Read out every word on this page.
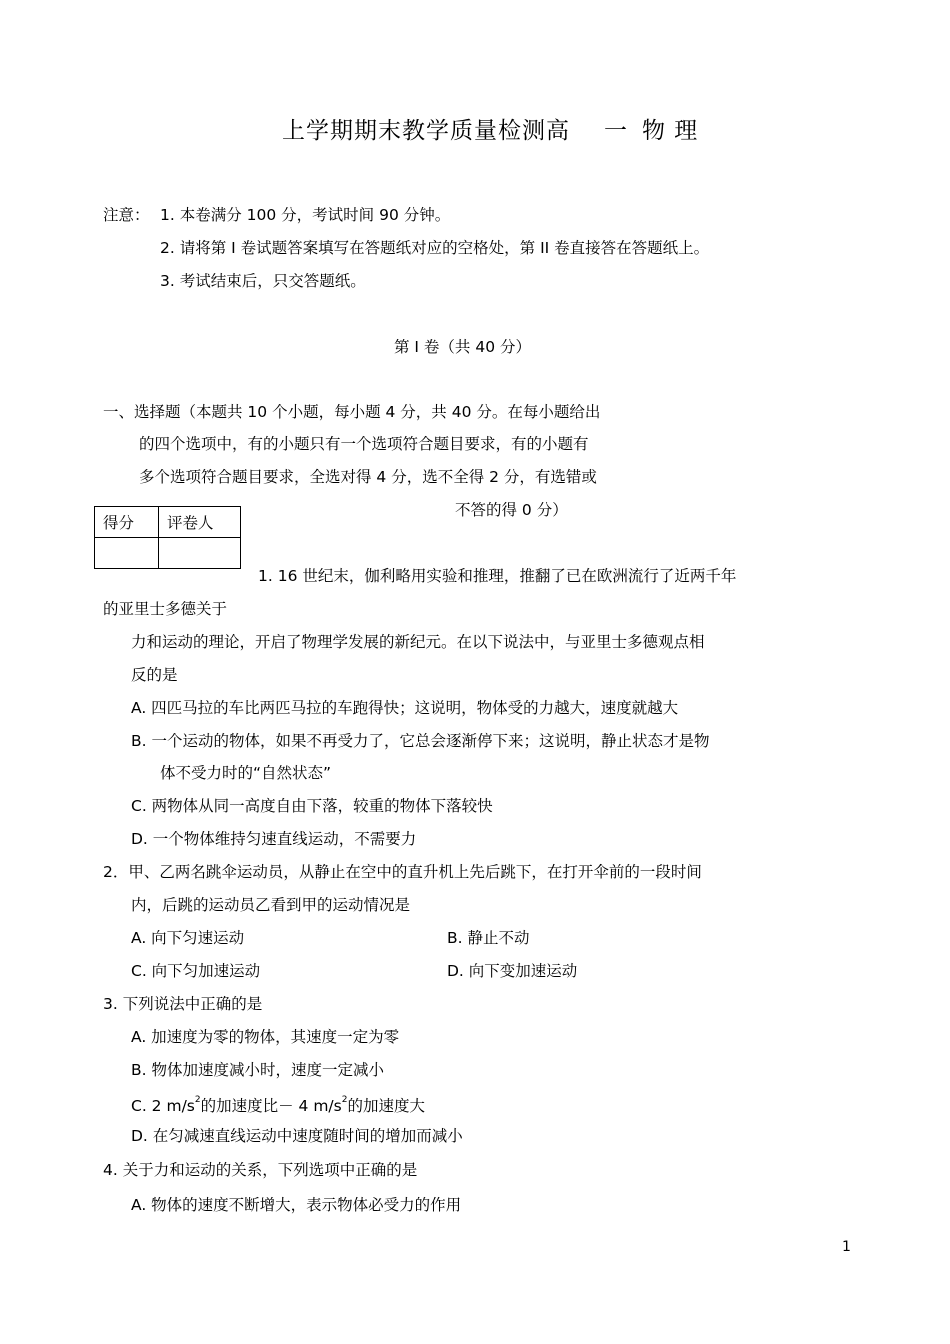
上学期期末教学质量检测高 一 物 理
注意： 1. 本卷满分 100 分，考试时间 90 分钟。
2. 请将第 I 卷试题答案填写在答题纸对应的空格处，第 II 卷直接答在答题纸上。
3. 考试结束后，只交答题纸。
第 I 卷（共 40 分）
一、选择题（本题共 10 个小题，每小题 4 分，共 40 分。在每小题给出
的四个选项中，有的小题只有一个选项符合题目要求，有的小题有
多个选项符合题目要求，全选对得 4 分，选不全得 2 分，有选错或
不答的得 0 分）
得分	评卷人

1. 16 世纪末，伽利略用实验和推理，推翻了已在欧洲流行了近两千年
的亚里士多德关于
力和运动的理论，开启了物理学发展的新纪元。在以下说法中，与亚里士多德观点相
反的是
A. 四匹马拉的车比两匹马拉的车跑得快；这说明，物体受的力越大，速度就越大
B. 一个运动的物体，如果不再受力了，它总会逐渐停下来；这说明，静止状态才是物
体不受力时的“自然状态”
C. 两物体从同一高度自由下落，较重的物体下落较快
D. 一个物体维持匀速直线运动，不需要力
2．甲、乙两名跳伞运动员，从静止在空中的直升机上先后跳下，在打开伞前的一段时间
内，后跳的运动员乙看到甲的运动情况是
A. 向下匀速运动	B. 静止不动
C. 向下匀加速运动	D. 向下变加速运动
3. 下列说法中正确的是
A. 加速度为零的物体，其速度一定为零
B. 物体加速度减小时，速度一定减小
C. 2 $m/s^2$的加速度比－ 4 $m/s^2$的加速度大
D. 在匀减速直线运动中速度随时间的增加而减小
4. 关于力和运动的关系，下列选项中正确的是
A. 物体的速度不断增大，表示物体必受力的作用
1
